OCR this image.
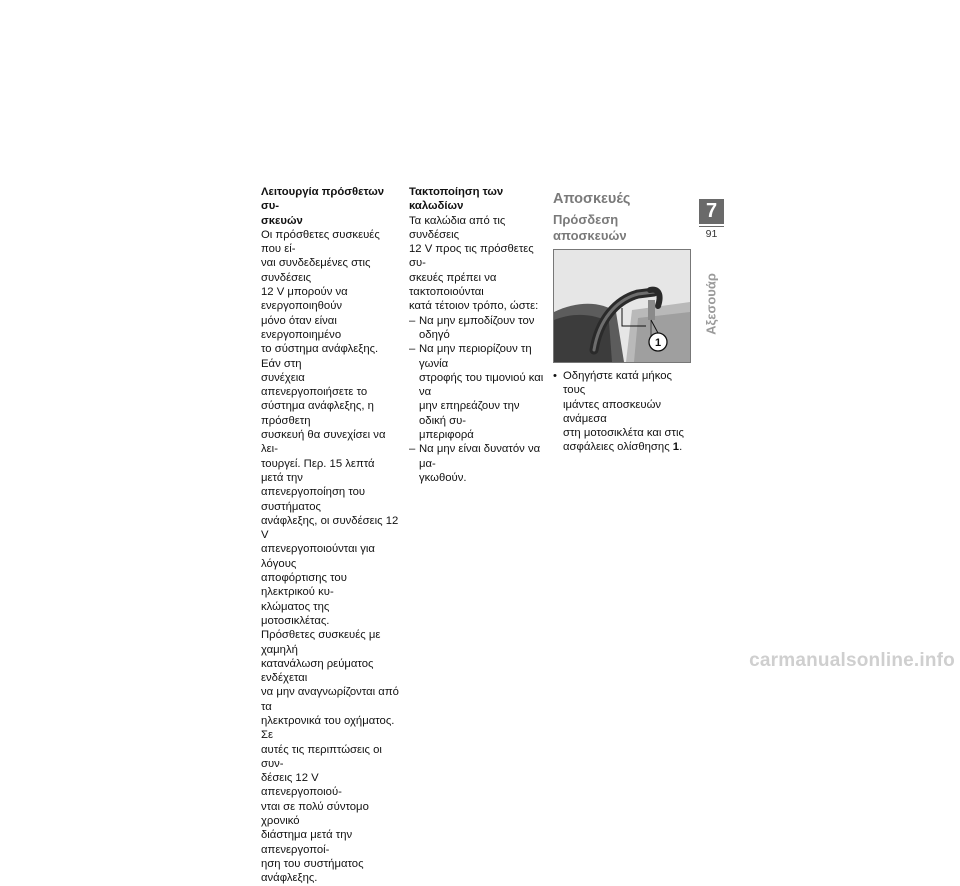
Λειτουργία πρόσθετων συ-
σκευών

Οι πρόσθετες συσκευές που εί-
ναι συνδεδεμένες στις συνδέσεις
12 V μπορούν να ενεργοποιηθούν
μόνο όταν είναι ενεργοποιημένο
το σύστημα ανάφλεξης. Εάν στη
συνέχεια απενεργοποιήσετε το
σύστημα ανάφλεξης, η πρόσθετη
συσκευή θα συνεχίσει να λει-
τουργεί. Περ. 15 λεπτά μετά την
απενεργοποίηση του συστήματος
ανάφλεξης, οι συνδέσεις 12 V
απενεργοποιούνται για λόγους
αποφόρτισης του ηλεκτρικού κυ-
κλώματος της μοτοσικλέτας.
Πρόσθετες συσκευές με χαμηλή
κατανάλωση ρεύματος ενδέχεται
να μην αναγνωρίζονται από τα
ηλεκτρονικά του οχήματος. Σε
αυτές τις περιπτώσεις οι συν-
δέσεις 12 V απενεργοποιού-
νται σε πολύ σύντομο χρονικό
διάστημα μετά την απενεργοποί-
ηση του συστήματος ανάφλεξης.

Τακτοποίηση των καλωδίων

Τα καλώδια από τις συνδέσεις
12 V προς τις πρόσθετες συ-
σκευές πρέπει να τακτοποιούνται
κατά τέτοιον τρόπο, ώστε:

– Να μην εμποδίζουν τον οδηγό
– Να μην περιορίζουν τη γωνία
στροφής του τιμονιού και να
μην επηρεάζουν την οδική συ-
μπεριφορά
– Να μην είναι δυνατόν να μα-
γκωθούν.

Αποσκευές

Πρόσδεση αποσκευών

1

• Οδηγήστε κατά μήκος τους
ιμάντες αποσκευών ανάμεσα
στη μοτοσικλέτα και στις
ασφάλειες ολίσθησης 1.

7
91
Αξεσουάρ
carmanualsonline.info
